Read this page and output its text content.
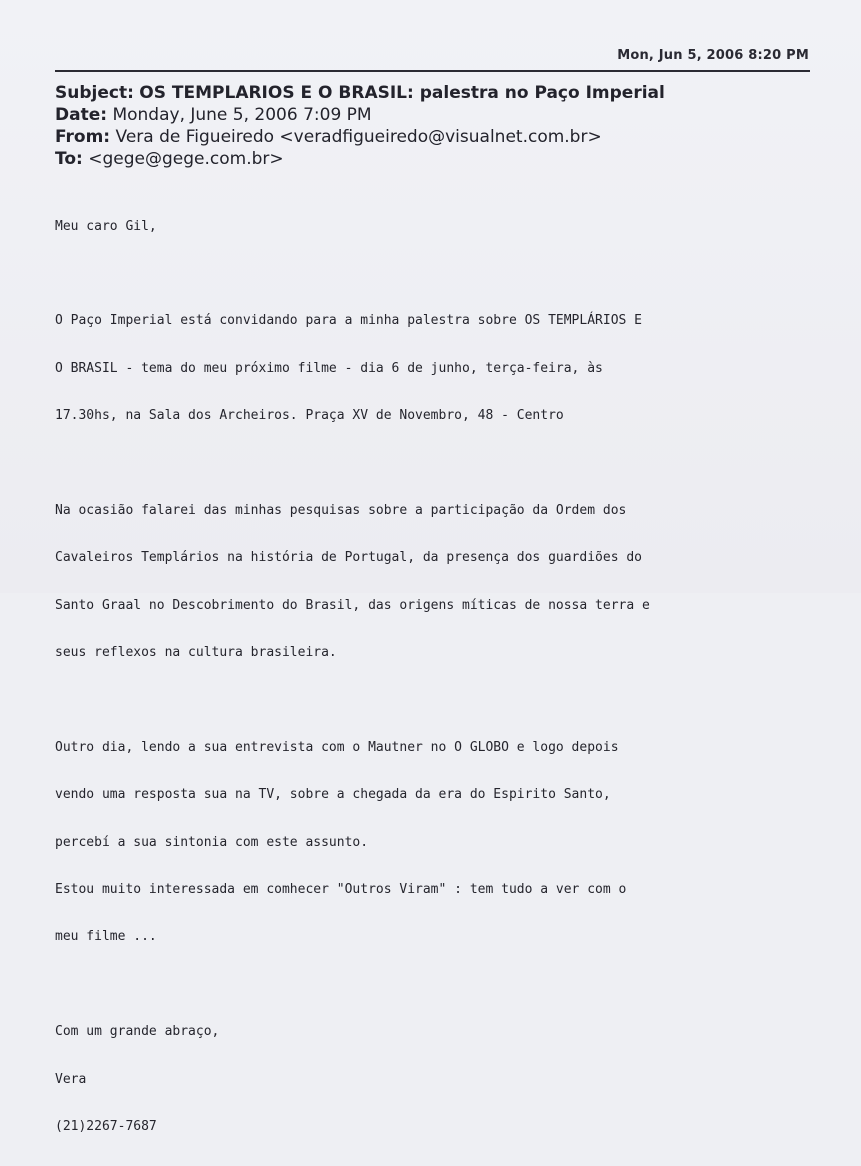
Mon, Jun 5, 2006 8:20 PM
Subject: OS TEMPLARIOS E O BRASIL: palestra no Paço Imperial
Date: Monday, June 5, 2006 7:09 PM
From: Vera de Figueiredo <veradfigueiredo@visualnet.com.br>
To: <gege@gege.com.br>

Meu caro Gil,

O Paço Imperial está convidando para a minha palestra sobre OS TEMPLÁRIOS E

O BRASIL - tema do meu próximo filme - dia 6 de junho, terça-feira, às

17.30hs, na Sala dos Archeiros. Praça XV de Novembro, 48 - Centro

Na ocasião falarei das minhas pesquisas sobre a participação da Ordem dos

Cavaleiros Templários na história de Portugal, da presença dos guardiões do

Santo Graal no Descobrimento do Brasil, das origens míticas de nossa terra e

seus reflexos na cultura brasileira.

Outro dia, lendo a sua entrevista com o Mautner no O GLOBO e logo depois

vendo uma resposta sua na TV, sobre a chegada da era do Espirito Santo,

percebí a sua sintonia com este assunto.

Estou muito interessada em comhecer "Outros Viram" : tem tudo a ver com o

meu filme ...

Com um grande abraço,

Vera

(21)2267-7687
